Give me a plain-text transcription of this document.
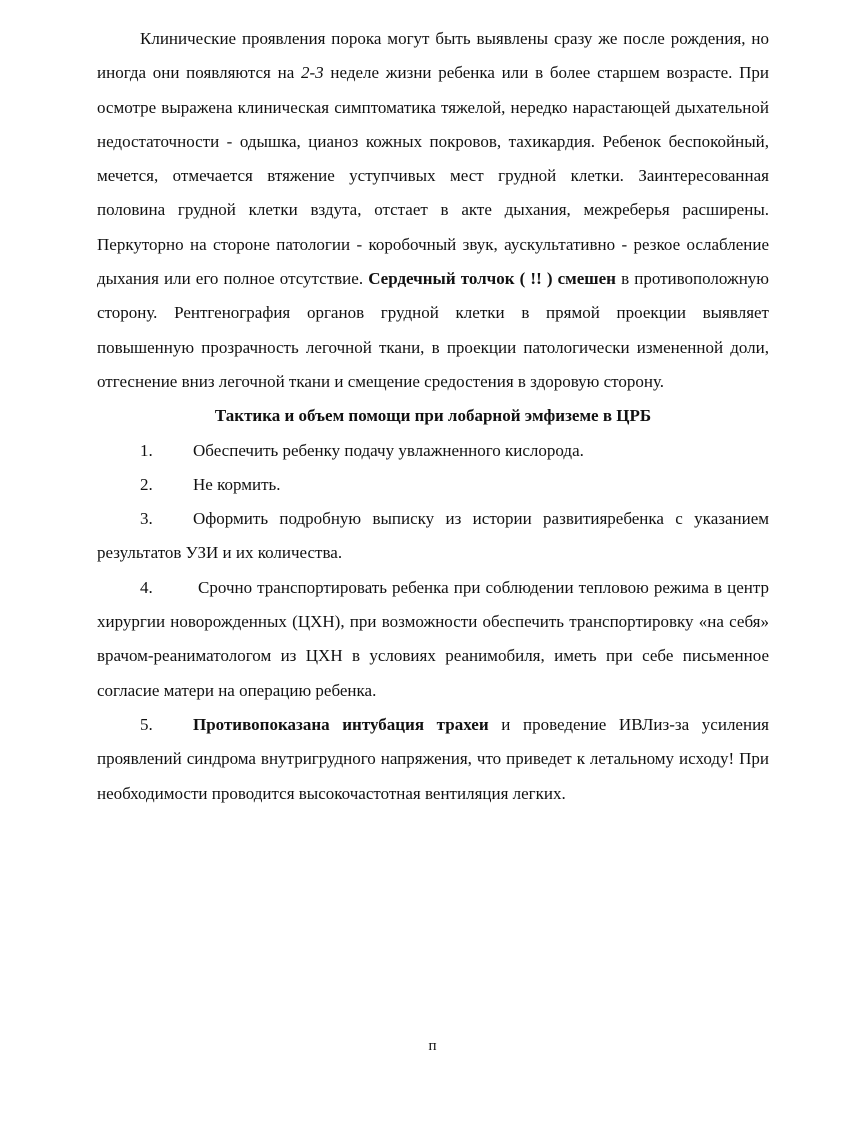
Клинические проявления порока могут быть выявлены сразу же после рождения, но иногда они появляются на 2-3 неделе жизни ребенка или в более старшем возрасте. При осмотре выражена клиническая симптоматика тяжелой, нередко нарастающей дыхательной недостаточности - одышка, цианоз кожных покровов, тахикардия. Ребенок беспокойный, мечется, отмечается втяжение уступчивых мест грудной клетки. Заинтересованная половина грудной клетки вздута, отстает в акте дыхания, межреберья расширены. Перкуторно на стороне патологии - коробочный звук, аускультативно - резкое ослабление дыхания или его полное отсутствие. Сердечный толчок ( !! ) смешен в противоположную сторону. Рентгенография органов грудной клетки в прямой проекции выявляет повышенную прозрачность легочной ткани, в проекции патологически измененной доли, отгеснение вниз легочной ткани и смещение средостения в здоровую сторону.

Тактика и объем помощи при лобарной эмфиземе в ЦРБ

1. Обеспечить ребенку подачу увлажненного кислорода.

2. Не кормить.

3. Оформить подробную выписку из истории развитияребенка с указанием результатов УЗИ и их количества.

4. Срочно транспортировать ребенка при соблюдении тепловою режима в центр хирургии новорожденных (ЦХН), при возможности обеспечить транспортировку «на себя» врачом-реаниматологом из ЦХН в условиях реанимобиля, иметь при себе письменное согласие матери на операцию ребенка.

5. Противопоказана интубация трахеи и проведение ИВЛиз-за усиления проявлений синдрома внутригрудного напряжения, что приведет к летальному исходу! При необходимости проводится высокочастотная вентиляция легких.

п
